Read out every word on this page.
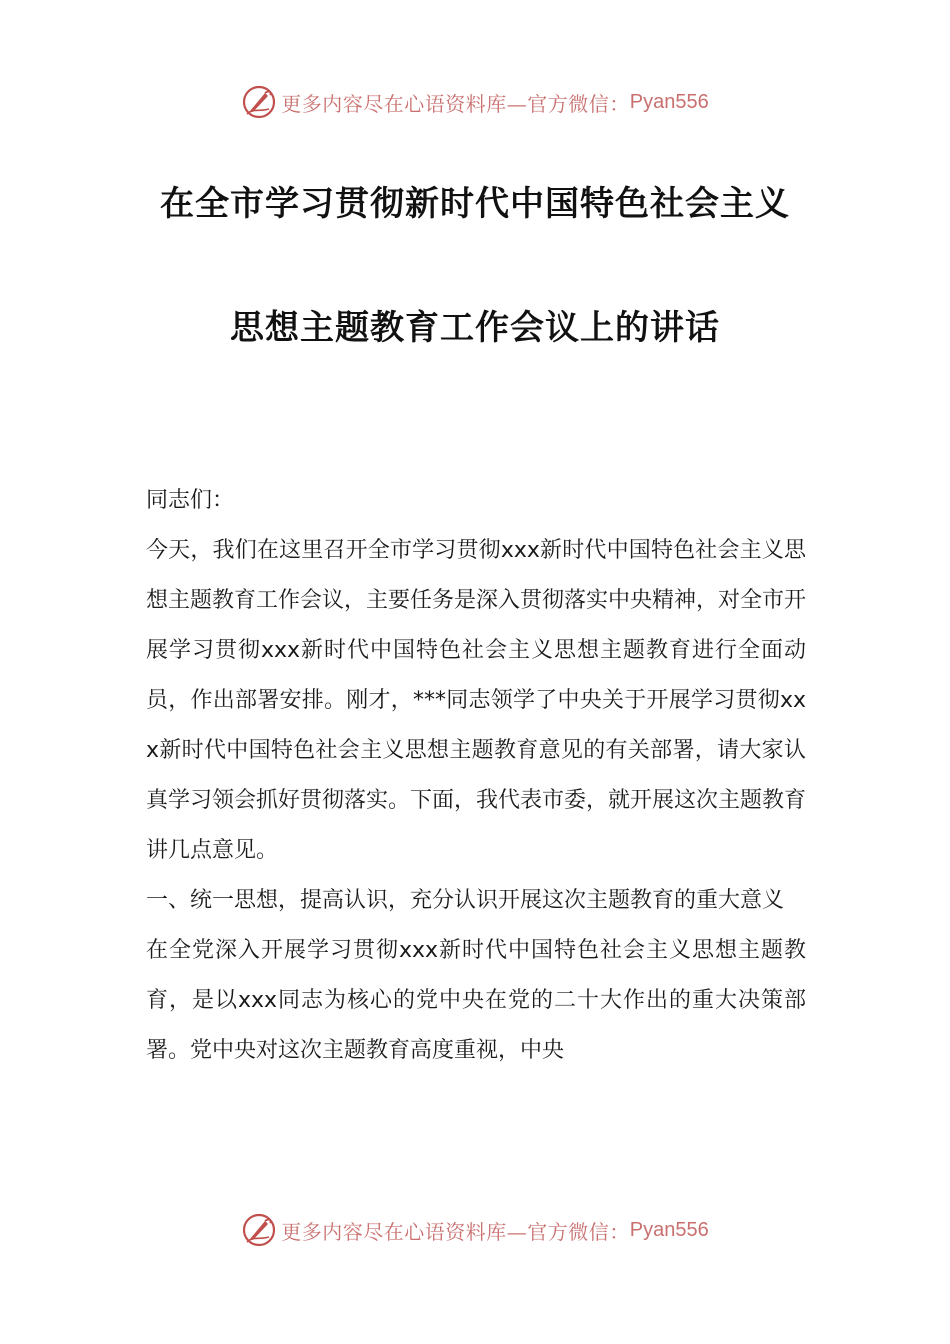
更多内容尽在心语资料库—官方微信： Pyan556
在全市学习贯彻新时代中国特色社会主义
思想主题教育工作会议上的讲话

同志们：

今天，我们在这里召开全市学习贯彻xxx新时代中国特色社会主义思想主题教育工作会议，主要任务是深入贯彻落实中央精神，对全市开展学习贯彻xxx新时代中国特色社会主义思想主题教育进行全面动员，作出部署安排。刚才，***同志领学了中央关于开展学习贯彻xxx新时代中国特色社会主义思想主题教育意见的有关部署，请大家认真学习领会抓好贯彻落实。下面，我代表市委，就开展这次主题教育讲几点意见。

一、统一思想，提高认识，充分认识开展这次主题教育的重大意义

在全党深入开展学习贯彻xxx新时代中国特色社会主义思想主题教育，是以xxx同志为核心的党中央在党的二十大作出的重大决策部署。党中央对这次主题教育高度重视，中央

更多内容尽在心语资料库—官方微信： Pyan556
